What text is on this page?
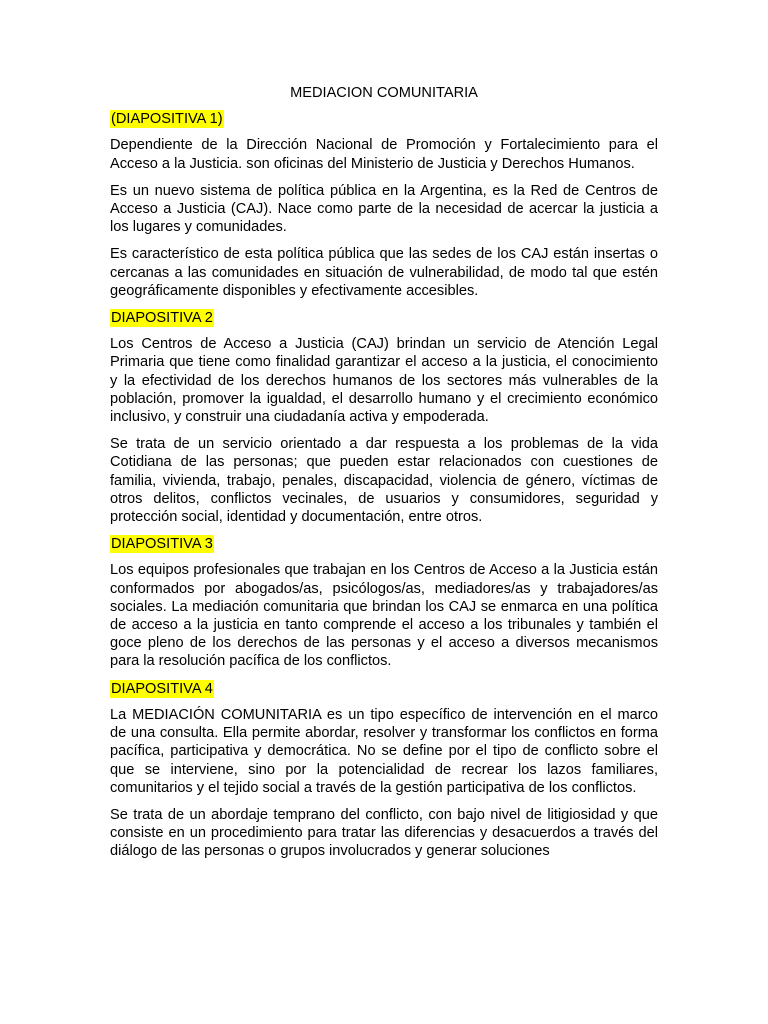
MEDIACION COMUNITARIA

(DIAPOSITIVA 1)

Dependiente de la Dirección Nacional de Promoción y Fortalecimiento para el Acceso a la Justicia. son oficinas del Ministerio de Justicia y Derechos Humanos.

Es un nuevo sistema de política pública en la Argentina, es la Red de Centros de Acceso a Justicia (CAJ). Nace como parte de la necesidad de acercar la justicia a los lugares y comunidades.

Es característico de esta política pública que las sedes de los CAJ están insertas o cercanas a las comunidades en situación de vulnerabilidad, de modo tal que estén geográficamente disponibles y efectivamente accesibles.

DIAPOSITIVA 2

Los Centros de Acceso a Justicia (CAJ) brindan un servicio de Atención Legal Primaria que tiene como finalidad garantizar el acceso a la justicia, el conocimiento y la efectividad de los derechos humanos de los sectores más vulnerables de la población, promover la igualdad, el desarrollo humano y el crecimiento económico inclusivo, y construir una ciudadanía activa y empoderada.

Se trata de un servicio orientado a dar respuesta a los problemas de la vida Cotidiana de las personas; que pueden estar relacionados con cuestiones de familia, vivienda, trabajo, penales, discapacidad, violencia de género, víctimas de otros delitos, conflictos vecinales, de usuarios y consumidores, seguridad y protección social, identidad y documentación, entre otros.

DIAPOSITIVA 3

Los equipos profesionales que trabajan en los Centros de Acceso a la Justicia están conformados por abogados/as, psicólogos/as, mediadores/as y trabajadores/as sociales. La mediación comunitaria que brindan los CAJ se enmarca en una política de acceso a la justicia en tanto comprende el acceso a los tribunales y también el goce pleno de los derechos de las personas y el acceso a diversos mecanismos para la resolución pacífica de los conflictos.

DIAPOSITIVA 4

La MEDIACIÓN COMUNITARIA es un tipo específico de intervención en el marco de una consulta. Ella permite abordar, resolver y transformar los conflictos en forma pacífica, participativa y democrática. No se define por el tipo de conflicto sobre el que se interviene, sino por la potencialidad de recrear los lazos familiares, comunitarios y el tejido social a través de la gestión participativa de los conflictos.

Se trata de un abordaje temprano del conflicto, con bajo nivel de litigiosidad y que consiste en un procedimiento para tratar las diferencias y desacuerdos a través del diálogo de las personas o grupos involucrados y generar soluciones
